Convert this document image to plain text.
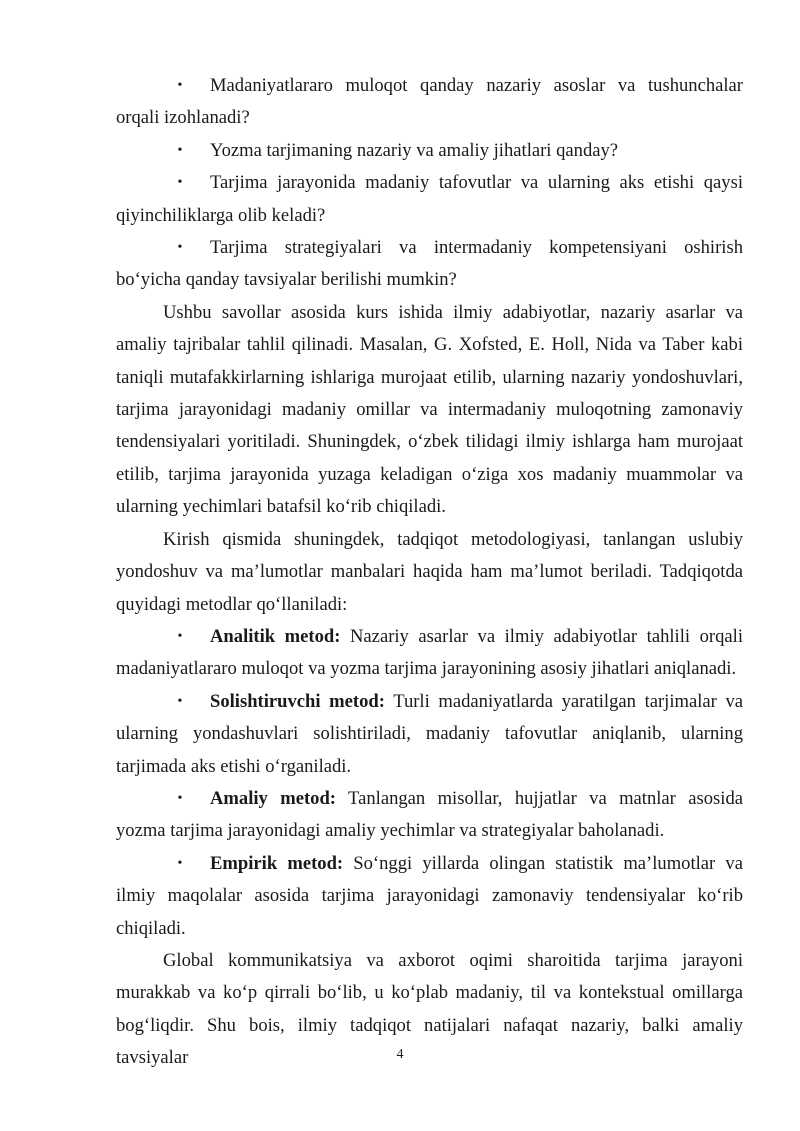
• Madaniyatlararo muloqot qanday nazariy asoslar va tushunchalar orqali izohlanadi?

• Yozma tarjimaning nazariy va amaliy jihatlari qanday?

• Tarjima jarayonida madaniy tafovutlar va ularning aks etishi qaysi qiyinchiliklarga olib keladi?

• Tarjima strategiyalari va intermadaniy kompetensiyani oshirish bo‘yicha qanday tavsiyalar berilishi mumkin?

Ushbu savollar asosida kurs ishida ilmiy adabiyotlar, nazariy asarlar va amaliy tajribalar tahlil qilinadi. Masalan, G. Xofsted, E. Holl, Nida va Taber kabi taniqli mutafakkirlarning ishlariga murojaat etilib, ularning nazariy yondoshuvlari, tarjima jarayonidagi madaniy omillar va intermadaniy muloqotning zamonaviy tendensiyalari yoritiladi. Shuningdek, o‘zbek tilidagi ilmiy ishlarga ham murojaat etilib, tarjima jarayonida yuzaga keladigan o‘ziga xos madaniy muammolar va ularning yechimlari batafsil ko‘rib chiqiladi.

Kirish qismida shuningdek, tadqiqot metodologiyasi, tanlangan uslubiy yondoshuv va ma’lumotlar manbalari haqida ham ma’lumot beriladi. Tadqiqotda quyidagi metodlar qo‘llaniladi:

• Analitik metod: Nazariy asarlar va ilmiy adabiyotlar tahlili orqali madaniyatlararo muloqot va yozma tarjima jarayonining asosiy jihatlari aniqlanadi.

• Solishtiruvchi metod: Turli madaniyatlarda yaratilgan tarjimalar va ularning yondashuvlari solishtiriladi, madaniy tafovutlar aniqlanib, ularning tarjimada aks etishi o‘rganiladi.

• Amaliy metod: Tanlangan misollar, hujjatlar va matnlar asosida yozma tarjima jarayonidagi amaliy yechimlar va strategiyalar baholanadi.

• Empirik metod: So‘nggi yillarda olingan statistik ma’lumotlar va ilmiy maqolalar asosida tarjima jarayonidagi zamonaviy tendensiyalar ko‘rib chiqiladi.

Global kommunikatsiya va axborot oqimi sharoitida tarjima jarayoni murakkab va ko‘p qirrali bo‘lib, u ko‘plab madaniy, til va kontekstual omillarga bog‘liqdir. Shu bois, ilmiy tadqiqot natijalari nafaqat nazariy, balki amaliy tavsiyalar	4
